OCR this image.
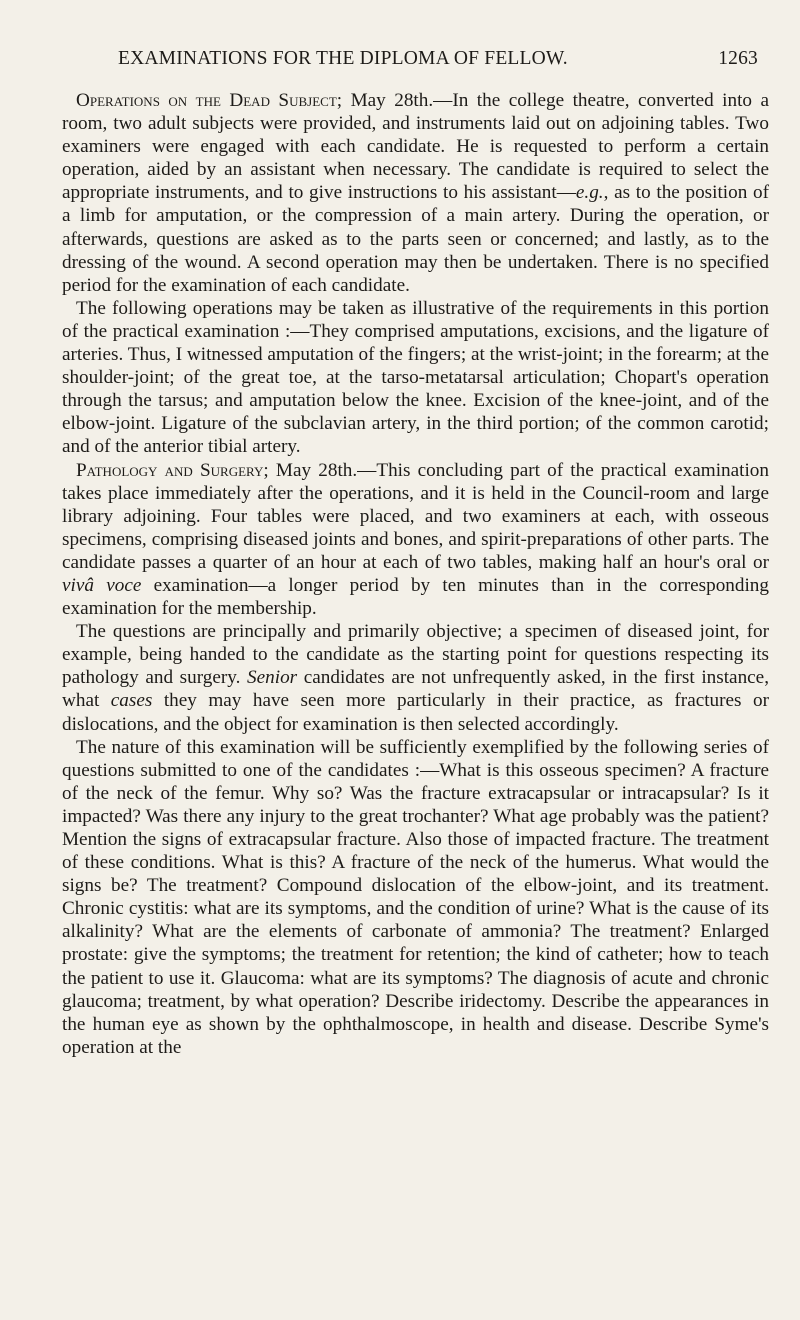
EXAMINATIONS FOR THE DIPLOMA OF FELLOW.	1263

Operations on the Dead Subject; May 28th.—In the college theatre, converted into a room, two adult subjects were provided, and instruments laid out on adjoining tables. Two examiners were engaged with each candidate. He is requested to perform a certain operation, aided by an assistant when necessary. The candidate is required to select the appropriate instruments, and to give instructions to his assistant—e.g., as to the position of a limb for amputation, or the compression of a main artery. During the operation, or afterwards, questions are asked as to the parts seen or concerned; and lastly, as to the dressing of the wound. A second operation may then be undertaken. There is no specified period for the examination of each candidate.

The following operations may be taken as illustrative of the requirements in this portion of the practical examination :—They comprised amputations, excisions, and the ligature of arteries. Thus, I witnessed amputation of the fingers; at the wrist-joint; in the forearm; at the shoulder-joint; of the great toe, at the tarso-metatarsal articulation; Chopart's operation through the tarsus; and amputation below the knee. Excision of the knee-joint, and of the elbow-joint. Ligature of the subclavian artery, in the third portion; of the common carotid; and of the anterior tibial artery.

Pathology and Surgery; May 28th.—This concluding part of the practical examination takes place immediately after the operations, and it is held in the Council-room and large library adjoining. Four tables were placed, and two examiners at each, with osseous specimens, comprising diseased joints and bones, and spirit-preparations of other parts. The candidate passes a quarter of an hour at each of two tables, making half an hour's oral or vivâ voce examination—a longer period by ten minutes than in the corresponding examination for the membership.

The questions are principally and primarily objective; a specimen of diseased joint, for example, being handed to the candidate as the starting point for questions respecting its pathology and surgery. Senior candidates are not unfrequently asked, in the first instance, what cases they may have seen more particularly in their practice, as fractures or dislocations, and the object for examination is then selected accordingly.

The nature of this examination will be sufficiently exemplified by the following series of questions submitted to one of the candidates :—What is this osseous specimen? A fracture of the neck of the femur. Why so? Was the fracture extracapsular or intracapsular? Is it impacted? Was there any injury to the great trochanter? What age probably was the patient? Mention the signs of extracapsular fracture. Also those of impacted fracture. The treatment of these conditions. What is this? A fracture of the neck of the humerus. What would the signs be? The treatment? Compound dislocation of the elbow-joint, and its treatment. Chronic cystitis: what are its symptoms, and the condition of urine? What is the cause of its alkalinity? What are the elements of carbonate of ammonia? The treatment? Enlarged prostate: give the symptoms; the treatment for retention; the kind of catheter; how to teach the patient to use it. Glaucoma: what are its symptoms? The diagnosis of acute and chronic glaucoma; treatment, by what operation? Describe iridectomy. Describe the appearances in the human eye as shown by the ophthalmoscope, in health and disease. Describe Syme's operation at the
